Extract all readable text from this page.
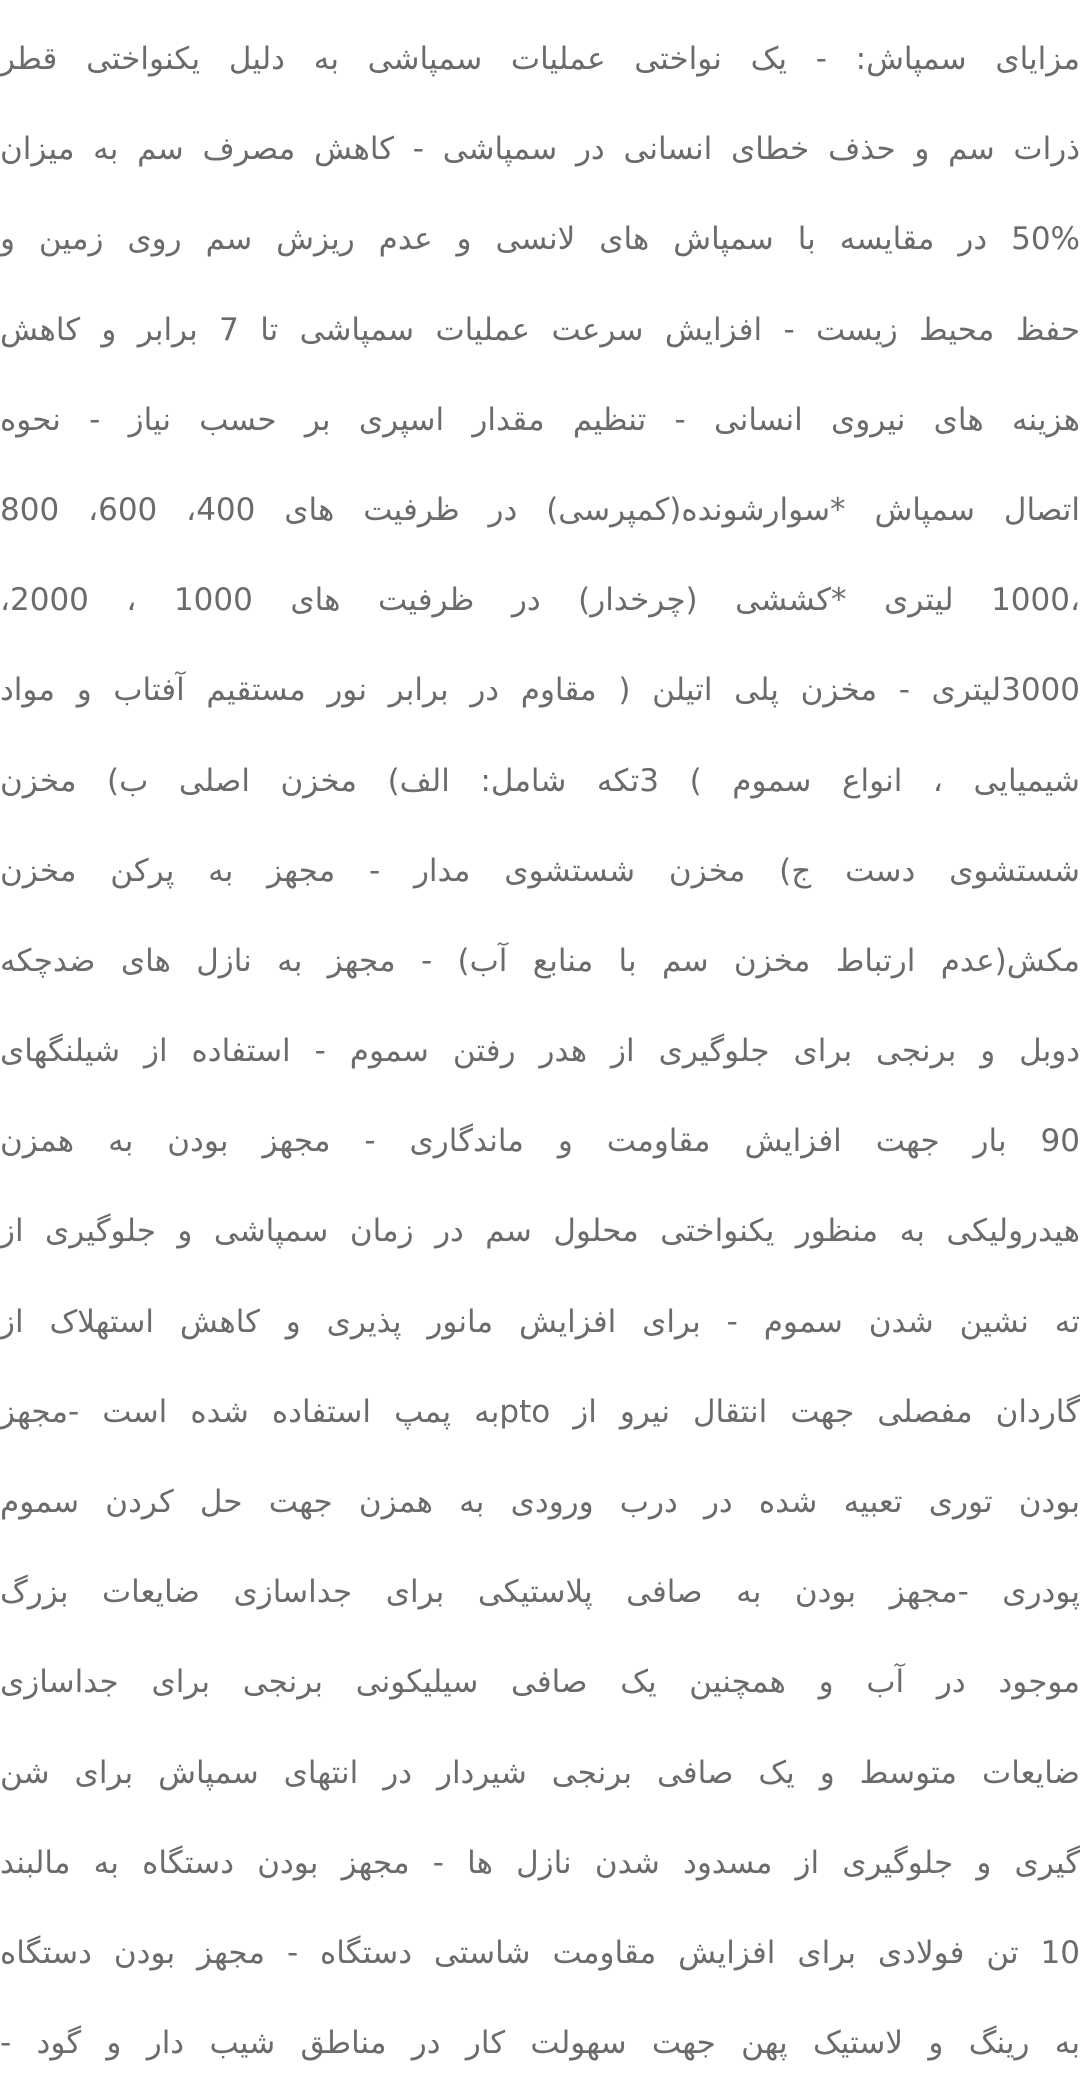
مزایای سمپاش: - یک نواختی عملیات سمپاشی به دلیل یکنواختی قطر
ذرات سم و حذف خطای انسانی در سمپاشی - کاهش مصرف سم به میزان
50% در مقایسه با سمپاش های لانسی و عدم ریزش سم روی زمین و
حفظ محیط زیست - افزایش سرعت عملیات سمپاشی تا 7 برابر و کاهش
هزینه های نیروی انسانی - تنظیم مقدار اسپری بر حسب نیاز - نحوه
اتصال سمپاش *سوارشونده(کمپرسی) در ظرفیت های 400، 600، 800
،1000 لیتری *کششی (چرخدار) در ظرفیت های 1000 ، 2000،
3000لیتری - مخزن پلی اتیلن ( مقاوم در برابر نور مستقیم آفتاب و مواد
شیمیایی ، انواع سموم ) 3تکه شامل: الف) مخزن اصلی ب) مخزن
شستشوی دست ج) مخزن شستشوی مدار - مجهز به پرکن مخزن
مکش(عدم ارتباط مخزن سم با منابع آب) - مجهز به نازل های ضدچکه
دوبل و برنجی برای جلوگیری از هدر رفتن سموم - استفاده از شیلنگهای
90 بار جهت افزایش مقاومت و ماندگاری - مجهز بودن به همزن
هیدرولیکی به منظور یکنواختی محلول سم در زمان سمپاشی و جلوگیری از
ته نشین شدن سموم - برای افزایش مانور پذیری و کاهش استهلاک از
گاردان مفصلی جهت انتقال نیرو از ptoبه پمپ استفاده شده است -مجهز
بودن توری تعبیه شده در درب ورودی به همزن جهت حل کردن سموم
پودری -مجهز بودن به صافی پلاستیکی برای جداسازی ضایعات بزرگ
موجود در آب و همچنین یک صافی سیلیکونی برنجی برای جداسازی
ضایعات متوسط و یک صافی برنجی شیردار در انتهای سمپاش برای شن
گیری و جلوگیری از مسدود شدن نازل ها - مجهز بودن دستگاه به مالبند
10 تن فولادی برای افزایش مقاومت شاستی دستگاه - مجهز بودن دستگاه
به رینگ و لاستیک پهن جهت سهولت کار در مناطق شیب دار و گود -
